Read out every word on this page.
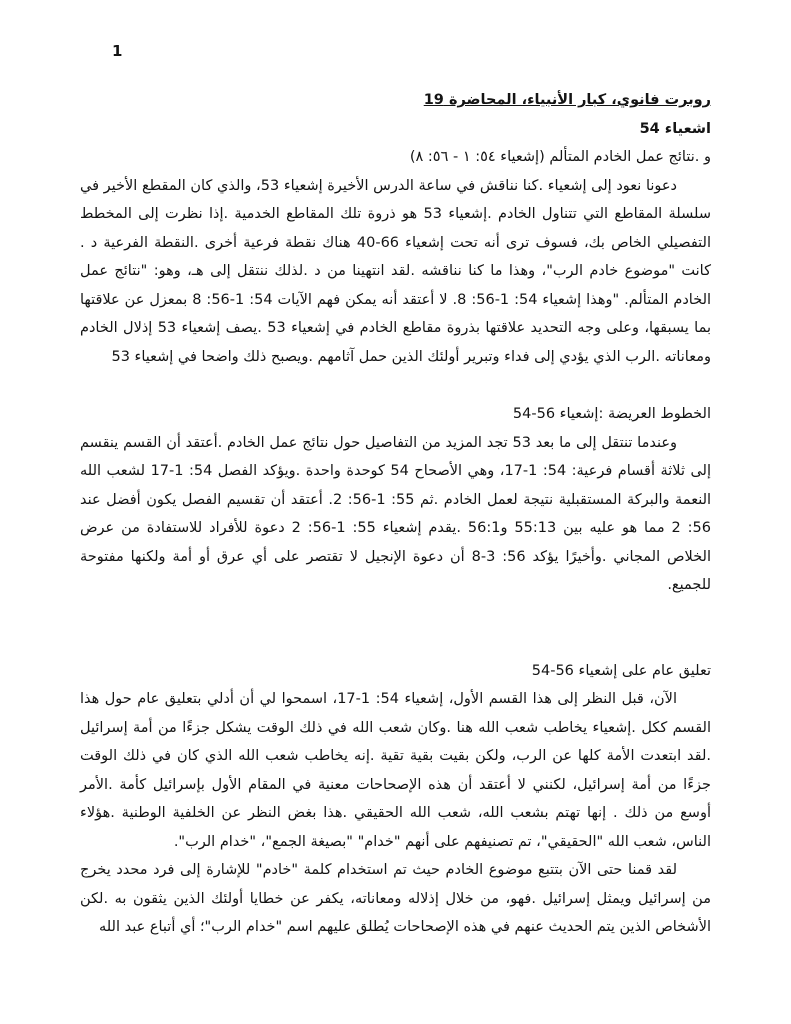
1

روبرت فانوي، كبار الأنبياء، المحاضرة 19

اشعياء 54

و .نتائج عمل الخادم المتألم (إشعياء ٥٤: ١ - ٥٦: ٨)

دعونا نعود إلى إشعياء .كنا نناقش في ساعة الدرس الأخيرة إشعياء 53، والذي كان المقطع الأخير في سلسلة المقاطع التي تتناول الخادم .إشعياء 53 هو ذروة تلك المقاطع الخدمية .إذا نظرت إلى المخطط التفصيلي الخاص بك، فسوف ترى أنه تحت إشعياء 66-40 هناك نقطة فرعية أخرى .النقطة الفرعية د . كانت "موضوع خادم الرب"، وهذا ما كنا نناقشه .لقد انتهينا من د .لذلك ننتقل إلى هـ، وهو: "نتائج عمل الخادم المتألم. "وهذا إشعياء 54: 1-56: 8. لا أعتقد أنه يمكن فهم الآيات 54: 1-56: 8 بمعزل عن علاقتها بما يسبقها، وعلى وجه التحديد علاقتها بذروة مقاطع الخادم في إشعياء 53 .يصف إشعياء 53 إذلال الخادم ومعاناته .الرب الذي يؤدي إلى فداء وتبرير أولئك الذين حمل آثامهم .ويصبح ذلك واضحا في إشعياء 53

الخطوط العريضة :إشعياء 56-54

وعندما تنتقل إلى ما بعد 53 تجد المزيد من التفاصيل حول نتائج عمل الخادم .أعتقد أن القسم ينقسم إلى ثلاثة أقسام فرعية: 54: 1-17، وهي الأصحاح 54 كوحدة واحدة .ويؤكد الفصل 54: 1-17 لشعب الله النعمة والبركة المستقبلية نتيجة لعمل الخادم .ثم 55: 1-56: 2. أعتقد أن تقسيم الفصل يكون أفضل عند 56: 2 مما هو عليه بين 55:13 و56:1 .يقدم إشعياء 55: 1-56: 2 دعوة للأفراد للاستفادة من عرض الخلاص المجاني .وأخيرًا يؤكد 56: 3-8 أن دعوة الإنجيل لا تقتصر على أي عرق أو أمة ولكنها مفتوحة للجميع.

تعليق عام على إشعياء 56-54

الآن، قبل النظر إلى هذا القسم الأول، إشعياء 54: 1-17، اسمحوا لي أن أدلي بتعليق عام حول هذا القسم ككل .إشعياء يخاطب شعب الله هنا .وكان شعب الله في ذلك الوقت يشكل جزءًا من أمة إسرائيل .لقد ابتعدت الأمة كلها عن الرب، ولكن بقيت بقية تقية .إنه يخاطب شعب الله الذي كان في ذلك الوقت جزءًا من أمة إسرائيل، لكنني لا أعتقد أن هذه الإصحاحات معنية في المقام الأول بإسرائيل كأمة .الأمر أوسع من ذلك . إنها تهتم بشعب الله، شعب الله الحقيقي .هذا بغض النظر عن الخلفية الوطنية .هؤلاء الناس، شعب الله "الحقيقي"، تم تصنيفهم على أنهم "خدام" "بصيغة الجمع"، "خدام الرب".

لقد قمنا حتى الآن بتتبع موضوع الخادم حيث تم استخدام كلمة "خادم" للإشارة إلى فرد محدد يخرج من إسرائيل ويمثل إسرائيل .فهو، من خلال إذلاله ومعاناته، يكفر عن خطايا أولئك الذين يثقون به .لكن الأشخاص الذين يتم الحديث عنهم في هذه الإصحاحات يُطلق عليهم اسم "خدام الرب"؛ أي أتباع عبد الله
